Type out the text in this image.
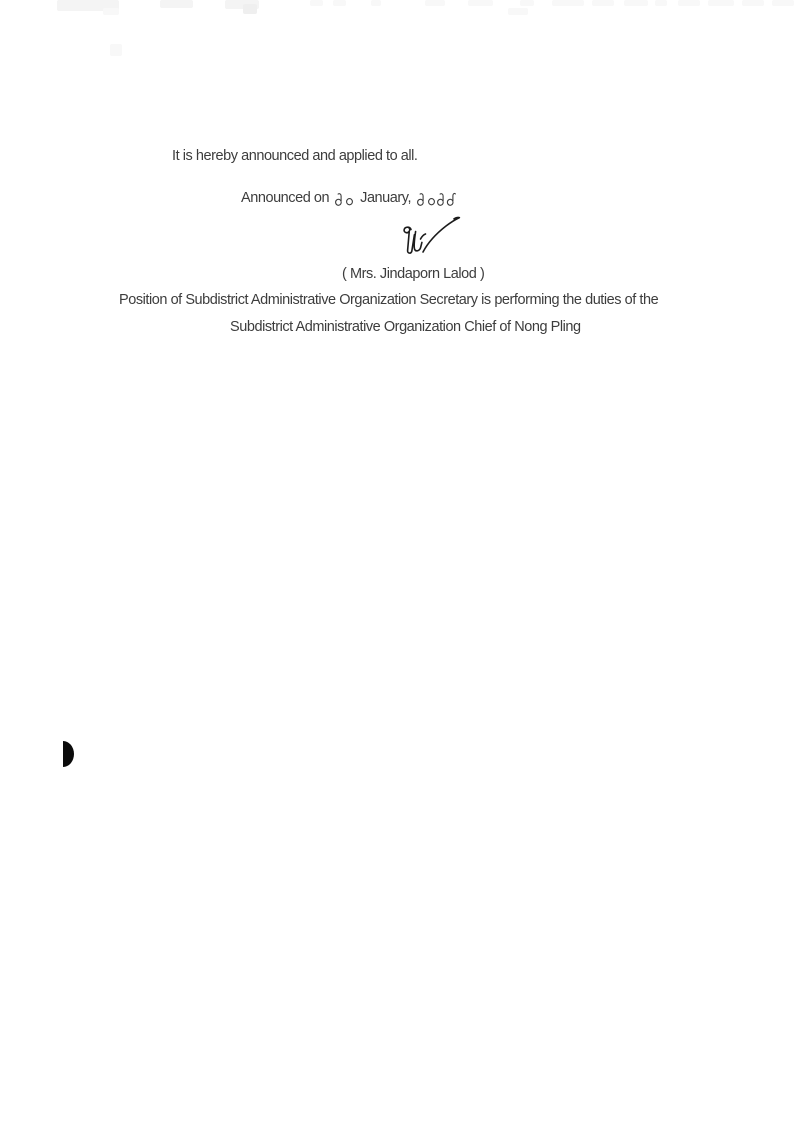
It is hereby announced and applied to all.
Announced on January,
( Mrs. Jindaporn Lalod )
Position of Subdistrict Administrative Organization Secretary is performing the duties of the
Subdistrict Administrative Organization Chief of Nong Pling
